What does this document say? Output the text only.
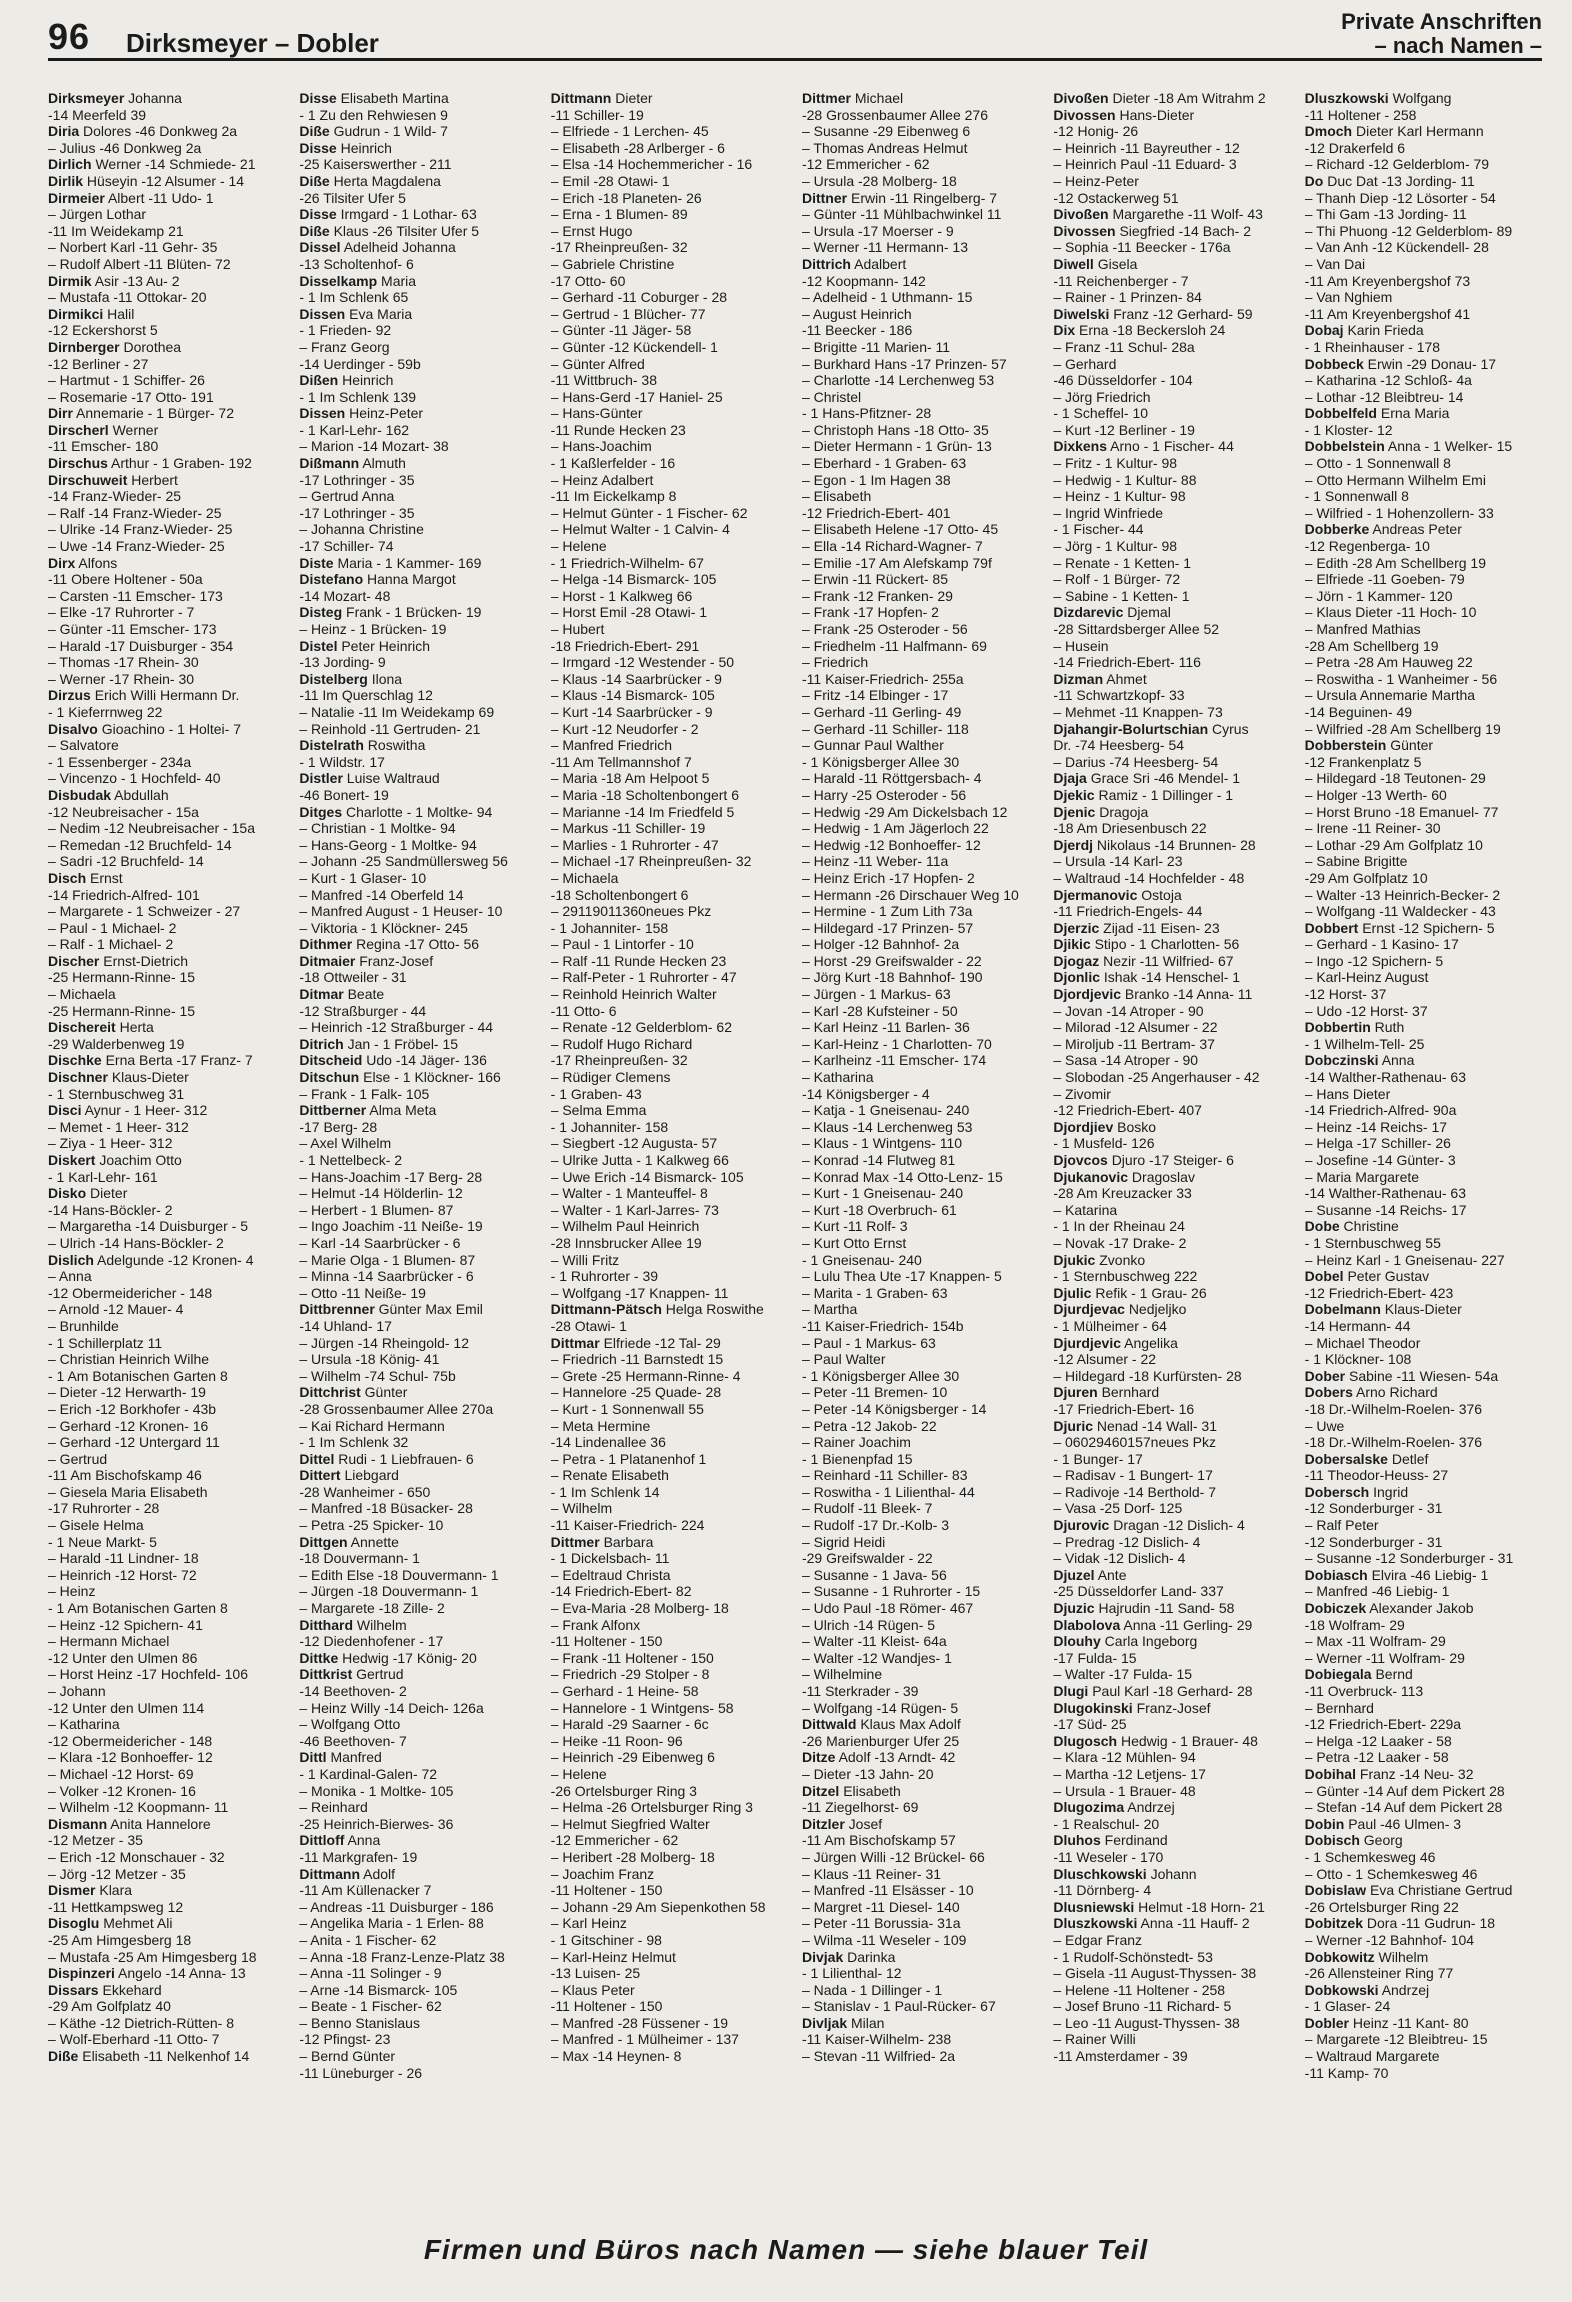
96 Dirksmeyer – Dobler
Private Anschriften
– nach Namen –
Dirksmeyer Johanna
-14 Meerfeld 39
Diria Dolores -46 Donkweg 2a
– Julius -46 Donkweg 2a
Dirlich Werner -14 Schmiede- 21
Dirlik Hüseyin -12 Alsumer - 14
Dirmeier Albert -11 Udo- 1
– Jürgen Lothar
-11 Im Weidekamp 21
– Norbert Karl -11 Gehr- 35
– Rudolf Albert -11 Blüten- 72
Dirmik Asir -13 Au- 2
– Mustafa -11 Ottokar- 20
Dirmikci Halil
-12 Eckershorst 5
Dirnberger Dorothea
-12 Berliner - 27
– Hartmut - 1 Schiffer- 26
– Rosemarie -17 Otto- 191
Dirr Annemarie - 1 Bürger- 72
Dirscherl Werner
-11 Emscher- 180
Dirschus Arthur - 1 Graben- 192
Dirschuweit Herbert
-14 Franz-Wieder- 25
– Ralf -14 Franz-Wieder- 25
– Ulrike -14 Franz-Wieder- 25
– Uwe -14 Franz-Wieder- 25
Dirx Alfons
-11 Obere Holtener - 50a
– Carsten -11 Emscher- 173
– Elke -17 Ruhrorter - 7
– Günter -11 Emscher- 173
– Harald -17 Duisburger - 354
– Thomas -17 Rhein- 30
– Werner -17 Rhein- 30
Dirzus Erich Willi Hermann Dr.
- 1 Kieferrnweg 22
Disalvo Gioachino - 1 Holtei- 7
– Salvatore
- 1 Essenberger - 234a
– Vincenzo - 1 Hochfeld- 40
Disbudak Abdullah
-12 Neubreisacher - 15a
– Nedim -12 Neubreisacher - 15a
– Remedan -12 Bruchfeld- 14
– Sadri -12 Bruchfeld- 14
Disch Ernst
-14 Friedrich-Alfred- 101
– Margarete - 1 Schweizer - 27
– Paul - 1 Michael- 2
– Ralf - 1 Michael- 2
Discher Ernst-Dietrich
-25 Hermann-Rinne- 15
– Michaela
-25 Hermann-Rinne- 15
Dischereit Herta
-29 Walderbenweg 19
Dischke Erna Berta -17 Franz- 7
Dischner Klaus-Dieter
- 1 Sternbuschweg 31
Disci Aynur - 1 Heer- 312
– Memet - 1 Heer- 312
– Ziya - 1 Heer- 312
Diskert Joachim Otto
- 1 Karl-Lehr- 161
Disko Dieter
-14 Hans-Böckler- 2
– Margaretha -14 Duisburger - 5
– Ulrich -14 Hans-Böckler- 2
Dislich Adelgunde -12 Kronen- 4
– Anna
-12 Obermeidericher - 148
– Arnold -12 Mauer- 4
– Brunhilde
- 1 Schillerplatz 11
– Christian Heinrich Wilhe
- 1 Am Botanischen Garten 8
– Dieter -12 Herwarth- 19
– Erich -12 Borkhofer - 43b
– Gerhard -12 Kronen- 16
– Gerhard -12 Untergard 11
– Gertrud
-11 Am Bischofskamp 46
– Giesela Maria Elisabeth
-17 Ruhrorter - 28
– Gisele Helma
- 1 Neue Markt- 5
– Harald -11 Lindner- 18
– Heinrich -12 Horst- 72
– Heinz
- 1 Am Botanischen Garten 8
– Heinz -12 Spichern- 41
– Hermann Michael
-12 Unter den Ulmen 86
– Horst Heinz -17 Hochfeld- 106
– Johann
-12 Unter den Ulmen 114
– Katharina
-12 Obermeidericher - 148
– Klara -12 Bonhoeffer- 12
– Michael -12 Horst- 69
– Volker -12 Kronen- 16
– Wilhelm -12 Koopmann- 11
Dismann Anita Hannelore
-12 Metzer - 35
– Erich -12 Monschauer - 32
– Jörg -12 Metzer - 35
Dismer Klara
-11 Hettkampsweg 12
Disoglu Mehmet Ali
-25 Am Himgesberg 18
– Mustafa -25 Am Himgesberg 18
Dispinzeri Angelo -14 Anna- 13
Dissars Ekkehard
-29 Am Golfplatz 40
– Käthe -12 Dietrich-Rütten- 8
– Wolf-Eberhard -11 Otto- 7
Diße Elisabeth -11 Nelkenhof 14
Disse Elisabeth Martina
- 1 Zu den Rehwiesen 9
Diße Gudrun - 1 Wild- 7
Disse Heinrich
-25 Kaiserswerther - 211
Diße Herta Magdalena
-26 Tilsiter Ufer 5
Disse Irmgard - 1 Lothar- 63
Diße Klaus -26 Tilsiter Ufer 5
Dissel Adelheid Johanna
-13 Scholtenhof- 6
Disselkamp Maria
- 1 Im Schlenk 65
Dissen Eva Maria
- 1 Frieden- 92
– Franz Georg
-14 Uerdinger - 59b
Dißen Heinrich
- 1 Im Schlenk 139
Dissen Heinz-Peter
- 1 Karl-Lehr- 162
– Marion -14 Mozart- 38
Dißmann Almuth
-17 Lothringer - 35
– Gertrud Anna
-17 Lothringer - 35
– Johanna Christine
-17 Schiller- 74
Diste Maria - 1 Kammer- 169
Distefano Hanna Margot
-14 Mozart- 48
Disteg Frank - 1 Brücken- 19
– Heinz - 1 Brücken- 19
Distel Peter Heinrich
-13 Jording- 9
Distelberg Ilona
-11 Im Querschlag 12
– Natalie -11 Im Weidekamp 69
– Reinhold -11 Gertruden- 21
Distelrath Roswitha
- 1 Wildstr. 17
Distler Luise Waltraud
-46 Bonert- 19
Ditges Charlotte - 1 Moltke- 94
– Christian - 1 Moltke- 94
– Hans-Georg - 1 Moltke- 94
– Johann -25 Sandmüllersweg 56
– Kurt - 1 Glaser- 10
– Manfred -14 Oberfeld 14
– Manfred August - 1 Heuser- 10
– Viktoria - 1 Klöckner- 245
Dithmer Regina -17 Otto- 56
Ditmaier Franz-Josef
-18 Ottweiler - 31
Ditmar Beate
-12 Straßburger - 44
– Heinrich -12 Straßburger - 44
Ditrich Jan - 1 Fröbel- 15
Ditscheid Udo -14 Jäger- 136
Ditschun Else - 1 Klöckner- 166
– Frank - 1 Falk- 105
Dittberner Alma Meta
-17 Berg- 28
– Axel Wilhelm
- 1 Nettelbeck- 2
– Hans-Joachim -17 Berg- 28
– Helmut -14 Hölderlin- 12
– Herbert - 1 Blumen- 87
– Ingo Joachim -11 Neiße- 19
– Karl -14 Saarbrücker - 6
– Marie Olga - 1 Blumen- 87
– Minna -14 Saarbrücker - 6
– Otto -11 Neiße- 19
Dittbrenner Günter Max Emil
-14 Uhland- 17
– Jürgen -14 Rheingold- 12
– Ursula -18 König- 41
– Wilhelm -74 Schul- 75b
Dittchrist Günter
-28 Grossenbaumer Allee 270a
– Kai Richard Hermann
- 1 Im Schlenk 32
Dittel Rudi - 1 Liebfrauen- 6
Dittert Liebgard
-28 Wanheimer - 650
– Manfred -18 Büsacker- 28
– Petra -25 Spicker- 10
Dittgen Annette
-18 Douvermann- 1
– Edith Else -18 Douvermann- 1
– Jürgen -18 Douvermann- 1
– Margarete -18 Zille- 2
Ditthard Wilhelm
-12 Diedenhofener - 17
Dittke Hedwig -17 König- 20
Dittkrist Gertrud
-14 Beethoven- 2
– Heinz Willy -14 Deich- 126a
– Wolfgang Otto
-46 Beethoven- 7
Dittl Manfred
- 1 Kardinal-Galen- 72
– Monika - 1 Moltke- 105
– Reinhard
-25 Heinrich-Bierwes- 36
Dittloff Anna
-11 Markgrafen- 19
Dittmann Adolf
-11 Am Küllenacker 7
– Andreas -11 Duisburger - 186
– Angelika Maria - 1 Erlen- 88
– Anita - 1 Fischer- 62
– Anna -18 Franz-Lenze-Platz 38
– Anna -11 Solinger - 9
– Arne -14 Bismarck- 105
– Beate - 1 Fischer- 62
– Benno Stanislaus
-12 Pfingst- 23
– Bernd Günter
-11 Lüneburger - 26
Dittmann Dieter
-11 Schiller- 19
– Elfriede - 1 Lerchen- 45
– Elisabeth -28 Arlberger - 6
– Elsa -14 Hochemmericher - 16
– Emil -28 Otawi- 1
– Erich -18 Planeten- 26
– Erna - 1 Blumen- 89
– Ernst Hugo
-17 Rheinpreußen- 32
– Gabriele Christine
-17 Otto- 60
– Gerhard -11 Coburger - 28
– Gertrud - 1 Blücher- 77
– Günter -11 Jäger- 58
– Günter -12 Kückendell- 1
– Günter Alfred
-11 Wittbruch- 38
– Hans-Gerd -17 Haniel- 25
– Hans-Günter
-11 Runde Hecken 23
– Hans-Joachim
- 1 Kaßlerfelder - 16
– Heinz Adalbert
-11 Im Eickelkamp 8
– Helmut Günter - 1 Fischer- 62
– Helmut Walter - 1 Calvin- 4
– Helene
- 1 Friedrich-Wilhelm- 67
– Helga -14 Bismarck- 105
– Horst - 1 Kalkweg 66
– Horst Emil -28 Otawi- 1
– Hubert
-18 Friedrich-Ebert- 291
– Irmgard -12 Westender - 50
– Klaus -14 Saarbrücker - 9
– Klaus -14 Bismarck- 105
– Kurt -14 Saarbrücker - 9
– Kurt -12 Neudorfer - 2
– Manfred Friedrich
-11 Am Tellmannshof 7
– Maria -18 Am Helpoot 5
– Maria -18 Scholtenbongert 6
– Marianne -14 Im Friedfeld 5
– Markus -11 Schiller- 19
– Marlies - 1 Ruhrorter - 47
– Michael -17 Rheinpreußen- 32
– Michaela
-18 Scholtenbongert 6
– 29119011360neues Pkz
- 1 Johanniter- 158
– Paul - 1 Lintorfer - 10
– Ralf -11 Runde Hecken 23
– Ralf-Peter - 1 Ruhrorter - 47
– Reinhold Heinrich Walter
-11 Otto- 6
– Renate -12 Gelderblom- 62
– Rudolf Hugo Richard
-17 Rheinpreußen- 32
– Rüdiger Clemens
- 1 Graben- 43
– Selma Emma
- 1 Johanniter- 158
– Siegbert -12 Augusta- 57
– Ulrike Jutta - 1 Kalkweg 66
– Uwe Erich -14 Bismarck- 105
– Walter - 1 Manteuffel- 8
– Walter - 1 Karl-Jarres- 73
– Wilhelm Paul Heinrich
-28 Innsbrucker Allee 19
– Willi Fritz
- 1 Ruhrorter - 39
– Wolfgang -17 Knappen- 11
Dittmann-Pätsch Helga Roswithe
-28 Otawi- 1
Dittmar Elfriede -12 Tal- 29
– Friedrich -11 Barnstedt 15
– Grete -25 Hermann-Rinne- 4
– Hannelore -25 Quade- 28
– Kurt - 1 Sonnenwall 55
– Meta Hermine
-14 Lindenallee 36
– Petra - 1 Platanenhof 1
– Renate Elisabeth
- 1 Im Schlenk 14
– Wilhelm
-11 Kaiser-Friedrich- 224
Dittmer Barbara
- 1 Dickelsbach- 11
– Edeltraud Christa
-14 Friedrich-Ebert- 82
– Eva-Maria -28 Molberg- 18
– Frank Alfonx
-11 Holtener - 150
– Frank -11 Holtener - 150
– Friedrich -29 Stolper - 8
– Gerhard - 1 Heine- 58
– Hannelore - 1 Wintgens- 58
– Harald -29 Saarner - 6c
– Heike -11 Roon- 96
– Heinrich -29 Eibenweg 6
– Helene
-26 Ortelsburger Ring 3
– Helma -26 Ortelsburger Ring 3
– Helmut Siegfried Walter
-12 Emmericher - 62
– Heribert -28 Molberg- 18
– Joachim Franz
-11 Holtener - 150
– Johann -29 Am Siepenkothen 58
– Karl Heinz
- 1 Gitschiner - 98
– Karl-Heinz Helmut
-13 Luisen- 25
– Klaus Peter
-11 Holtener - 150
– Manfred -28 Füssener - 19
– Manfred - 1 Mülheimer - 137
– Max -14 Heynen- 8
Dittmer Michael
-28 Grossenbaumer Allee 276
– Susanne -29 Eibenweg 6
– Thomas Andreas Helmut
-12 Emmericher - 62
– Ursula -28 Molberg- 18
Dittner Erwin -11 Ringelberg- 7
– Günter -11 Mühlbachwinkel 11
– Ursula -17 Moerser - 9
– Werner -11 Hermann- 13
Dittrich Adalbert
-12 Koopmann- 142
– Adelheid - 1 Uthmann- 15
– August Heinrich
-11 Beecker - 186
– Brigitte -11 Marien- 11
– Burkhard Hans -17 Prinzen- 57
– Charlotte -14 Lerchenweg 53
– Christel
- 1 Hans-Pfitzner- 28
– Christoph Hans -18 Otto- 35
– Dieter Hermann - 1 Grün- 13
– Eberhard - 1 Graben- 63
– Egon - 1 Im Hagen 38
– Elisabeth
-12 Friedrich-Ebert- 401
– Elisabeth Helene -17 Otto- 45
– Ella -14 Richard-Wagner- 7
– Emilie -17 Am Alefskamp 79f
– Erwin -11 Rückert- 85
– Frank -12 Franken- 29
– Frank -17 Hopfen- 2
– Frank -25 Osteroder - 56
– Friedhelm -11 Halfmann- 69
– Friedrich
-11 Kaiser-Friedrich- 255a
– Fritz -14 Elbinger - 17
– Gerhard -11 Gerling- 49
– Gerhard -11 Schiller- 118
– Gunnar Paul Walther
- 1 Königsberger Allee 30
– Harald -11 Röttgersbach- 4
– Harry -25 Osteroder - 56
– Hedwig -29 Am Dickelsbach 12
– Hedwig - 1 Am Jägerloch 22
– Hedwig -12 Bonhoeffer- 12
– Heinz -11 Weber- 11a
– Heinz Erich -17 Hopfen- 2
– Hermann -26 Dirschauer Weg 10
– Hermine - 1 Zum Lith 73a
– Hildegard -17 Prinzen- 57
– Holger -12 Bahnhof- 2a
– Horst -29 Greifswalder - 22
– Jörg Kurt -18 Bahnhof- 190
– Jürgen - 1 Markus- 63
– Karl -28 Kufsteiner - 50
– Karl Heinz -11 Barlen- 36
– Karl-Heinz - 1 Charlotten- 70
– Karlheinz -11 Emscher- 174
– Katharina
-14 Königsberger - 4
– Katja - 1 Gneisenau- 240
– Klaus -14 Lerchenweg 53
– Klaus - 1 Wintgens- 110
– Konrad -14 Flutweg 81
– Konrad Max -14 Otto-Lenz- 15
– Kurt - 1 Gneisenau- 240
– Kurt -18 Overbruch- 61
– Kurt -11 Rolf- 3
– Kurt Otto Ernst
- 1 Gneisenau- 240
– Lulu Thea Ute -17 Knappen- 5
– Marita - 1 Graben- 63
– Martha
-11 Kaiser-Friedrich- 154b
– Paul - 1 Markus- 63
– Paul Walter
- 1 Königsberger Allee 30
– Peter -11 Bremen- 10
– Peter -14 Königsberger - 14
– Petra -12 Jakob- 22
– Rainer Joachim
- 1 Bienenpfad 15
– Reinhard -11 Schiller- 83
– Roswitha - 1 Lilienthal- 44
– Rudolf -11 Bleek- 7
– Rudolf -17 Dr.-Kolb- 3
– Sigrid Heidi
-29 Greifswalder - 22
– Susanne - 1 Java- 56
– Susanne - 1 Ruhrorter - 15
– Udo Paul -18 Römer- 467
– Ulrich -14 Rügen- 5
– Walter -11 Kleist- 64a
– Walter -12 Wandjes- 1
– Wilhelmine
-11 Sterkrader - 39
– Wolfgang -14 Rügen- 5
Dittwald Klaus Max Adolf
-26 Marienburger Ufer 25
Ditze Adolf -13 Arndt- 42
– Dieter -13 Jahn- 20
Ditzel Elisabeth
-11 Ziegelhorst- 69
Ditzler Josef
-11 Am Bischofskamp 57
– Jürgen Willi -12 Brückel- 66
– Klaus -11 Reiner- 31
– Manfred -11 Elsässer - 10
– Margret -11 Diesel- 140
– Peter -11 Borussia- 31a
– Wilma -11 Weseler - 109
Divjak Darinka
- 1 Lilienthal- 12
– Nada - 1 Dillinger - 1
– Stanislav - 1 Paul-Rücker- 67
Divljak Milan
-11 Kaiser-Wilhelm- 238
– Stevan -11 Wilfried- 2a
Divoßen Dieter -18 Am Witrahm 2
Divossen Hans-Dieter
-12 Honig- 26
– Heinrich -11 Bayreuther - 12
– Heinrich Paul -11 Eduard- 3
– Heinz-Peter
-12 Ostackerweg 51
Divoßen Margarethe -11 Wolf- 43
Divossen Siegfried -14 Bach- 2
– Sophia -11 Beecker - 176a
Diwell Gisela
-11 Reichenberger - 7
– Rainer - 1 Prinzen- 84
Diwelski Franz -12 Gerhard- 59
Dix Erna -18 Beckersloh 24
– Franz -11 Schul- 28a
– Gerhard
-46 Düsseldorfer - 104
– Jörg Friedrich
- 1 Scheffel- 10
– Kurt -12 Berliner - 19
Dixkens Arno - 1 Fischer- 44
– Fritz - 1 Kultur- 98
– Hedwig - 1 Kultur- 88
– Heinz - 1 Kultur- 98
– Ingrid Winfriede
- 1 Fischer- 44
– Jörg - 1 Kultur- 98
– Renate - 1 Ketten- 1
– Rolf - 1 Bürger- 72
– Sabine - 1 Ketten- 1
Dizdarevic Djemal
-28 Sittardsberger Allee 52
– Husein
-14 Friedrich-Ebert- 116
Dizman Ahmet
-11 Schwartzkopf- 33
– Mehmet -11 Knappen- 73
Djahangir-Bolurtschian Cyrus
Dr. -74 Heesberg- 54
– Darius -74 Heesberg- 54
Djaja Grace Sri -46 Mendel- 1
Djekic Ramiz - 1 Dillinger - 1
Djenic Dragoja
-18 Am Driesenbusch 22
Djerdj Nikolaus -14 Brunnen- 28
– Ursula -14 Karl- 23
– Waltraud -14 Hochfelder - 48
Djermanovic Ostoja
-11 Friedrich-Engels- 44
Djerzic Zijad -11 Eisen- 23
Djikic Stipo - 1 Charlotten- 56
Djogaz Nezir -11 Wilfried- 67
Djonlic Ishak -14 Henschel- 1
Djordjevic Branko -14 Anna- 11
– Jovan -14 Atroper - 90
– Milorad -12 Alsumer - 22
– Miroljub -11 Bertram- 37
– Sasa -14 Atroper - 90
– Slobodan -25 Angerhauser - 42
– Zivomir
-12 Friedrich-Ebert- 407
Djordjiev Bosko
- 1 Musfeld- 126
Djovcos Djuro -17 Steiger- 6
Djukanovic Dragoslav
-28 Am Kreuzacker 33
– Katarina
- 1 In der Rheinau 24
– Novak -17 Drake- 2
Djukic Zvonko
- 1 Sternbuschweg 222
Djulic Refik - 1 Grau- 26
Djurdjevac Nedjeljko
- 1 Mülheimer - 64
Djurdjevic Angelika
-12 Alsumer - 22
– Hildegard -18 Kurfürsten- 28
Djuren Bernhard
-17 Friedrich-Ebert- 16
Djuric Nenad -14 Wall- 31
– 06029460157neues Pkz
- 1 Bunger- 17
– Radisav - 1 Bungert- 17
– Radivoje -14 Berthold- 7
– Vasa -25 Dorf- 125
Djurovic Dragan -12 Dislich- 4
– Predrag -12 Dislich- 4
– Vidak -12 Dislich- 4
Djuzel Ante
-25 Düsseldorfer Land- 337
Djuzic Hajrudin -11 Sand- 58
Dlabolova Anna -11 Gerling- 29
Dlouhy Carla Ingeborg
-17 Fulda- 15
– Walter -17 Fulda- 15
Dlugi Paul Karl -18 Gerhard- 28
Dlugokinski Franz-Josef
-17 Süd- 25
Dlugosch Hedwig - 1 Brauer- 48
– Klara -12 Mühlen- 94
– Martha -12 Letjens- 17
– Ursula - 1 Brauer- 48
Dlugozima Andrzej
- 1 Realschul- 20
Dluhos Ferdinand
-11 Weseler - 170
Dluschkowski Johann
-11 Dörnberg- 4
Dlusniewski Helmut -18 Horn- 21
Dluszkowski Anna -11 Hauff- 2
– Edgar Franz
- 1 Rudolf-Schönstedt- 53
– Gisela -11 August-Thyssen- 38
– Helene -11 Holtener - 258
– Josef Bruno -11 Richard- 5
– Leo -11 August-Thyssen- 38
– Rainer Willi
-11 Amsterdamer - 39
Dluszkowski Wolfgang
-11 Holtener - 258
Dmoch Dieter Karl Hermann
-12 Drakerfeld 6
– Richard -12 Gelderblom- 79
Do Duc Dat -13 Jording- 11
– Thanh Diep -12 Lösorter - 54
– Thi Gam -13 Jording- 11
– Thi Phuong -12 Gelderblom- 89
– Van Anh -12 Kückendell- 28
– Van Dai
-11 Am Kreyenbergshof 73
– Van Nghiem
-11 Am Kreyenbergshof 41
Dobaj Karin Frieda
- 1 Rheinhauser - 178
Dobbeck Erwin -29 Donau- 17
– Katharina -12 Schloß- 4a
– Lothar -12 Bleibtreu- 14
Dobbelfeld Erna Maria
- 1 Kloster- 12
Dobbelstein Anna - 1 Welker- 15
– Otto - 1 Sonnenwall 8
– Otto Hermann Wilhelm Emi
- 1 Sonnenwall 8
– Wilfried - 1 Hohenzollern- 33
Dobberke Andreas Peter
-12 Regenberga- 10
– Edith -28 Am Schellberg 19
– Elfriede -11 Goeben- 79
– Jörn - 1 Kammer- 120
– Klaus Dieter -11 Hoch- 10
– Manfred Mathias
-28 Am Schellberg 19
– Petra -28 Am Hauweg 22
– Roswitha - 1 Wanheimer - 56
– Ursula Annemarie Martha
-14 Beguinen- 49
– Wilfried -28 Am Schellberg 19
Dobberstein Günter
-12 Frankenplatz 5
– Hildegard -18 Teutonen- 29
– Holger -13 Werth- 60
– Horst Bruno -18 Emanuel- 77
– Irene -11 Reiner- 30
– Lothar -29 Am Golfplatz 10
– Sabine Brigitte
-29 Am Golfplatz 10
– Walter -13 Heinrich-Becker- 2
– Wolfgang -11 Waldecker - 43
Dobbert Ernst -12 Spichern- 5
– Gerhard - 1 Kasino- 17
– Ingo -12 Spichern- 5
– Karl-Heinz August
-12 Horst- 37
– Udo -12 Horst- 37
Dobbertin Ruth
- 1 Wilhelm-Tell- 25
Dobczinski Anna
-14 Walther-Rathenau- 63
– Hans Dieter
-14 Friedrich-Alfred- 90a
– Heinz -14 Reichs- 17
– Helga -17 Schiller- 26
– Josefine -14 Günter- 3
– Maria Margarete
-14 Walther-Rathenau- 63
– Susanne -14 Reichs- 17
Dobe Christine
- 1 Sternbuschweg 55
– Heinz Karl - 1 Gneisenau- 227
Dobel Peter Gustav
-12 Friedrich-Ebert- 423
Dobelmann Klaus-Dieter
-14 Hermann- 44
– Michael Theodor
- 1 Klöckner- 108
Dober Sabine -11 Wiesen- 54a
Dobers Arno Richard
-18 Dr.-Wilhelm-Roelen- 376
– Uwe
-18 Dr.-Wilhelm-Roelen- 376
Dobersalske Detlef
-11 Theodor-Heuss- 27
Dobersch Ingrid
-12 Sonderburger - 31
– Ralf Peter
-12 Sonderburger - 31
– Susanne -12 Sonderburger - 31
Dobiasch Elvira -46 Liebig- 1
– Manfred -46 Liebig- 1
Dobiczek Alexander Jakob
-18 Wolfram- 29
– Max -11 Wolfram- 29
– Werner -11 Wolfram- 29
Dobiegala Bernd
-11 Overbruck- 113
– Bernhard
-12 Friedrich-Ebert- 229a
– Helga -12 Laaker - 58
– Petra -12 Laaker - 58
Dobihal Franz -14 Neu- 32
– Günter -14 Auf dem Pickert 28
– Stefan -14 Auf dem Pickert 28
Dobin Paul -46 Ulmen- 3
Dobisch Georg
- 1 Schemkesweg 46
– Otto - 1 Schemkesweg 46
Dobislaw Eva Christiane Gertrud
-26 Ortelsburger Ring 22
Dobitzek Dora -11 Gudrun- 18
– Werner -12 Bahnhof- 104
Dobkowitz Wilhelm
-26 Allensteiner Ring 77
Dobkowski Andrzej
- 1 Glaser- 24
Dobler Heinz -11 Kant- 80
– Margarete -12 Bleibtreu- 15
– Waltraud Margarete
-11 Kamp- 70
Firmen und Büros nach Namen — siehe blauer Teil
